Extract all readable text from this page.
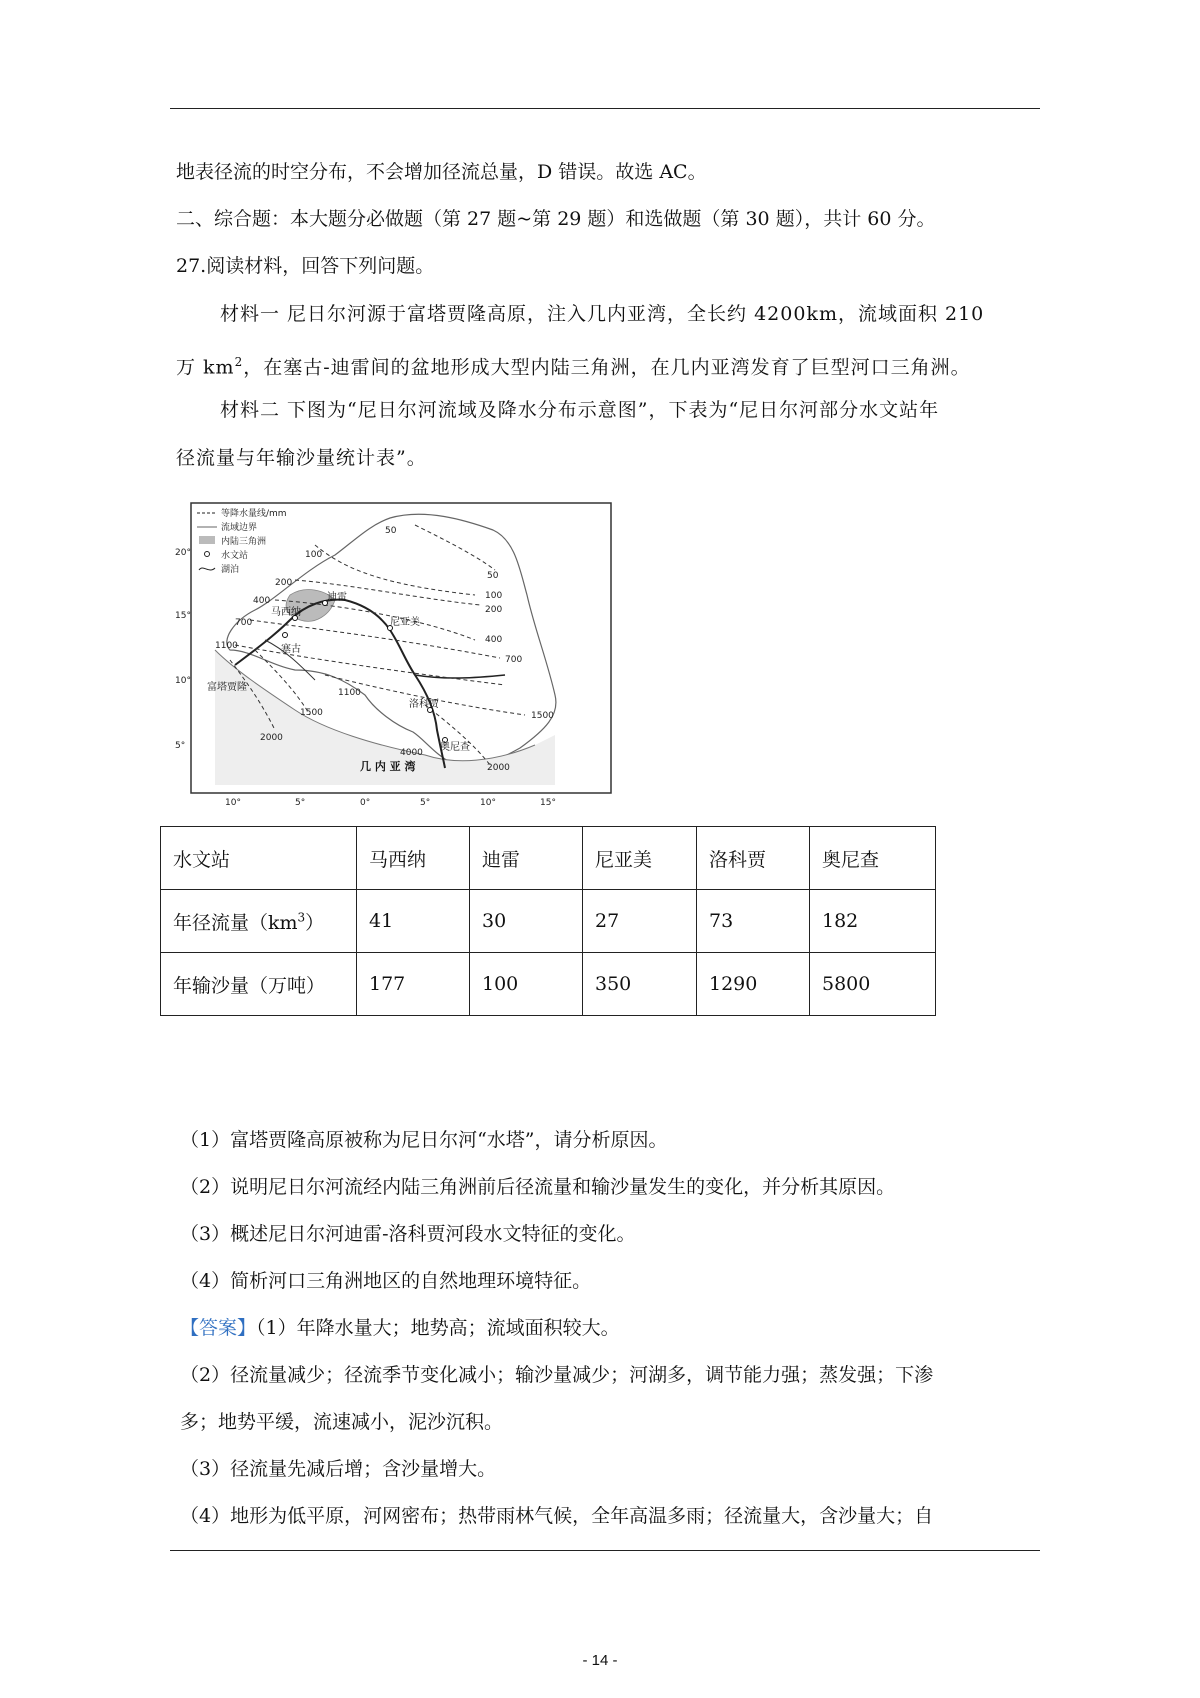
地表径流的时空分布，不会增加径流总量，D 错误。故选 AC。
二、综合题：本大题分必做题（第 27 题~第 29 题）和选做题（第 30 题），共计 60 分。
27.阅读材料，回答下列问题。
材料一 尼日尔河源于富塔贾隆高原，注入几内亚湾，全长约 4200km，流域面积 210
万 $km^2$，在塞古-迪雷间的盆地形成大型内陆三角洲，在几内亚湾发育了巨型河口三角洲。
材料二 下图为“尼日尔河流域及降水分布示意图”，下表为“尼日尔河部分水文站年
径流量与年输沙量统计表”。
等降水量线/mm
流域边界
内陆三角洲
水文站
湖泊
20°
15°
10°
5°
10°	5°	0°	5°	10°	15°
50
50
100
100
200
200
400
400
700
700
1100
1100
1500	1500
2000
2000
4000
迪雷
马西纳
塞古
尼亚美
富塔贾隆
洛科贾
奥尼查
几 内 亚 湾
水文站	马西纳	迪雷	尼亚美	洛科贾	奥尼查
年径流量$(km^3)$	41	30	27	73	182
年输沙量（万吨）	177	100	350	1290	5800
（1）富塔贾隆高原被称为尼日尔河“水塔”，请分析原因。
（2）说明尼日尔河流经内陆三角洲前后径流量和输沙量发生的变化，并分析其原因。
（3）概述尼日尔河迪雷-洛科贾河段水文特征的变化。
（4）简析河口三角洲地区的自然地理环境特征。
【答案】（1）年降水量大；地势高；流域面积较大。
（2）径流量减少；径流季节变化减小；输沙量减少；河湖多，调节能力强；蒸发强；下渗
多；地势平缓，流速减小，泥沙沉积。
（3）径流量先减后增；含沙量增大。
（4）地形为低平原，河网密布；热带雨林气候，全年高温多雨；径流量大，含沙量大；自
- 14 -
